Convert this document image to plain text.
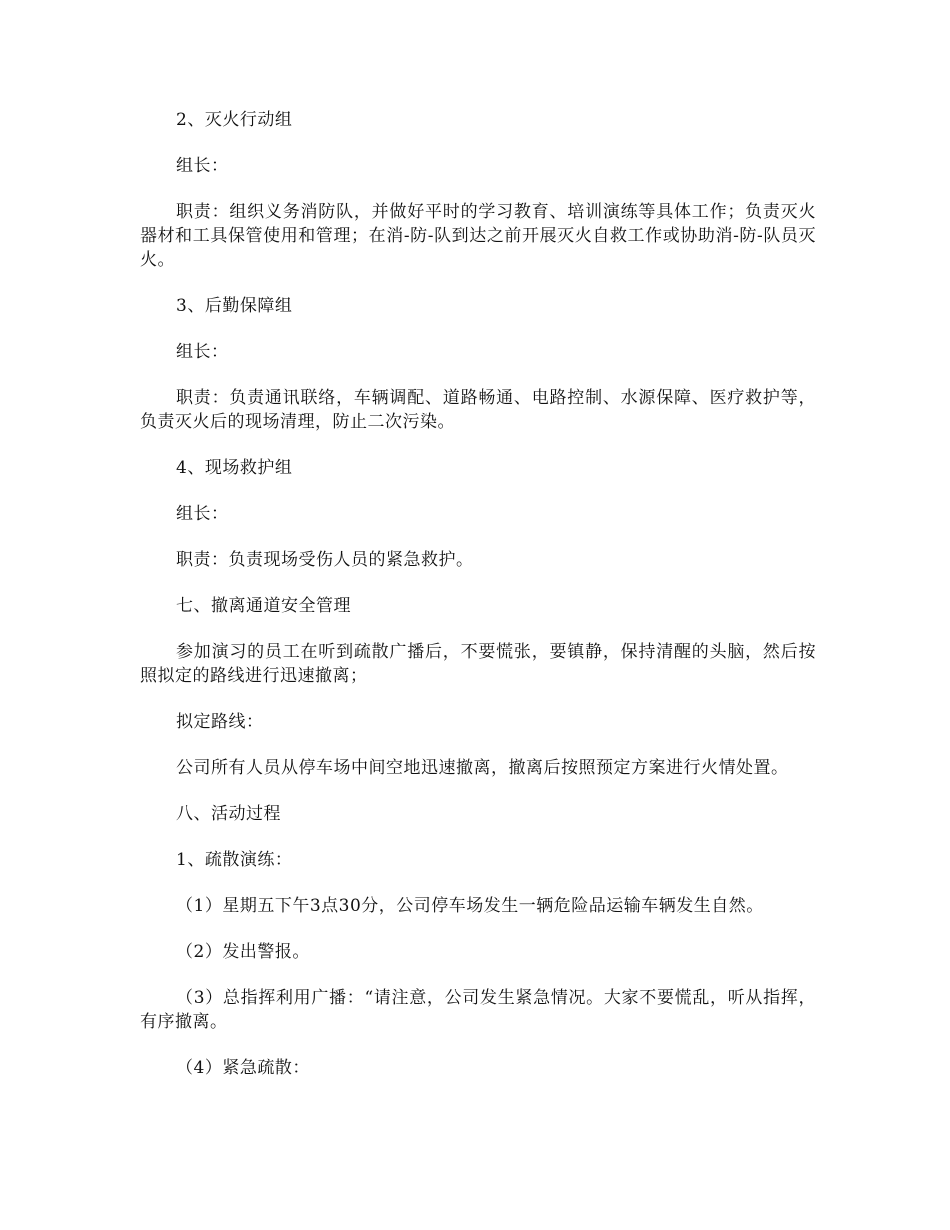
2、灭火行动组

组长：

职责：组织义务消防队，并做好平时的学习教育、培训演练等具体工作；负责灭火器材和工具保管使用和管理；在消-防-队到达之前开展灭火自救工作或协助消-防-队员灭火。

3、后勤保障组

组长：

职责：负责通讯联络，车辆调配、道路畅通、电路控制、水源保障、医疗救护等，负责灭火后的现场清理，防止二次污染。

4、现场救护组

组长：

职责：负责现场受伤人员的紧急救护。

七、撤离通道安全管理

参加演习的员工在听到疏散广播后，不要慌张，要镇静，保持清醒的头脑，然后按照拟定的路线进行迅速撤离；

拟定路线：

公司所有人员从停车场中间空地迅速撤离，撤离后按照预定方案进行火情处置。

八、活动过程

1、疏散演练：

（1）星期五下午3点30分，公司停车场发生一辆危险品运输车辆发生自然。

（2）发出警报。

（3）总指挥利用广播：“请注意，公司发生紧急情况。大家不要慌乱，听从指挥，有序撤离。

（4）紧急疏散：
